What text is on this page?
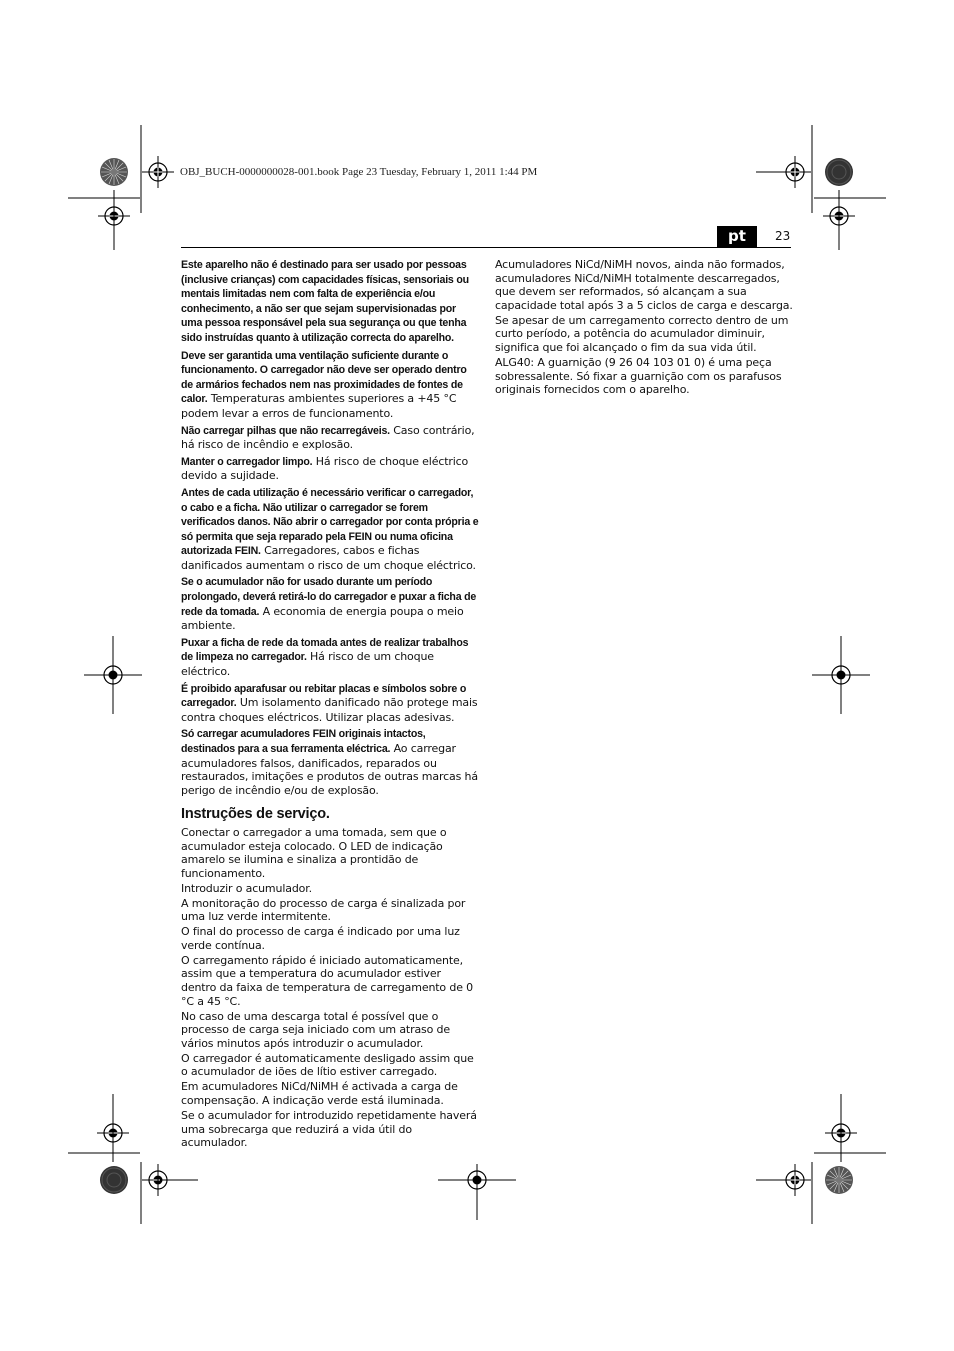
OBJ_BUCH-0000000028-001.book Page 23 Tuesday, February 1, 2011 1:44 PM
pt	23

Este aparelho não é destinado para ser usado por pessoas (inclusive crianças) com capacidades físicas, sensoriais ou mentais limitadas nem com falta de experiência e/ou conhecimento, a não ser que sejam supervisionadas por uma pessoa responsável pela sua segurança ou que tenha sido instruídas quanto à utilização correcta do aparelho.

Deve ser garantida uma ventilação suficiente durante o funcionamento. O carregador não deve ser operado dentro de armários fechados nem nas proximidades de fontes de calor. Temperaturas ambientes superiores a +45 °C podem levar a erros de funcionamento.

Não carregar pilhas que não recarregáveis. Caso contrário, há risco de incêndio e explosão.

Manter o carregador limpo. Há risco de choque eléctrico devido a sujidade.

Antes de cada utilização é necessário verificar o carregador, o cabo e a ficha. Não utilizar o carregador se forem verificados danos. Não abrir o carregador por conta própria e só permita que seja reparado pela FEIN ou numa oficina autorizada FEIN. Carregadores, cabos e fichas danificados aumentam o risco de um choque eléctrico.

Se o acumulador não for usado durante um período prolongado, deverá retirá-lo do carregador e puxar a ficha de rede da tomada. A economia de energia poupa o meio ambiente.

Puxar a ficha de rede da tomada antes de realizar trabalhos de limpeza no carregador. Há risco de um choque eléctrico.

É proibido aparafusar ou rebitar placas e símbolos sobre o carregador. Um isolamento danificado não protege mais contra choques eléctricos. Utilizar placas adesivas.

Só carregar acumuladores FEIN originais intactos, destinados para a sua ferramenta eléctrica. Ao carregar acumuladores falsos, danificados, reparados ou restaurados, imitações e produtos de outras marcas há perigo de incêndio e/ou de explosão.

Instruções de serviço.

Conectar o carregador a uma tomada, sem que o acumulador esteja colocado. O LED de indicação amarelo se ilumina e sinaliza a prontidão de funcionamento.

Introduzir o acumulador.

A monitoração do processo de carga é sinalizada por uma luz verde intermitente.

O final do processo de carga é indicado por uma luz verde contínua.

O carregamento rápido é iniciado automaticamente, assim que a temperatura do acumulador estiver dentro da faixa de temperatura de carregamento de 0 °C a 45 °C.

No caso de uma descarga total é possível que o processo de carga seja iniciado com um atraso de vários minutos após introduzir o acumulador.

O carregador é automaticamente desligado assim que o acumulador de iões de lítio estiver carregado.

Em acumuladores NiCd/NiMH é activada a carga de compensação. A indicação verde está iluminada.

Se o acumulador for introduzido repetidamente haverá uma sobrecarga que reduzirá a vida útil do acumulador.

Acumuladores NiCd/NiMH novos, ainda não formados, acumuladores NiCd/NiMH totalmente descarregados, que devem ser reformados, só alcançam a sua capacidade total após 3 a 5 ciclos de carga e descarga.

Se apesar de um carregamento correcto dentro de um curto período, a potência do acumulador diminuir, significa que foi alcançado o fim da sua vida útil.

ALG40: A guarnição (9 26 04 103 01 0) é uma peça sobressalente. Só fixar a guarnição com os parafusos originais fornecidos com o aparelho.
